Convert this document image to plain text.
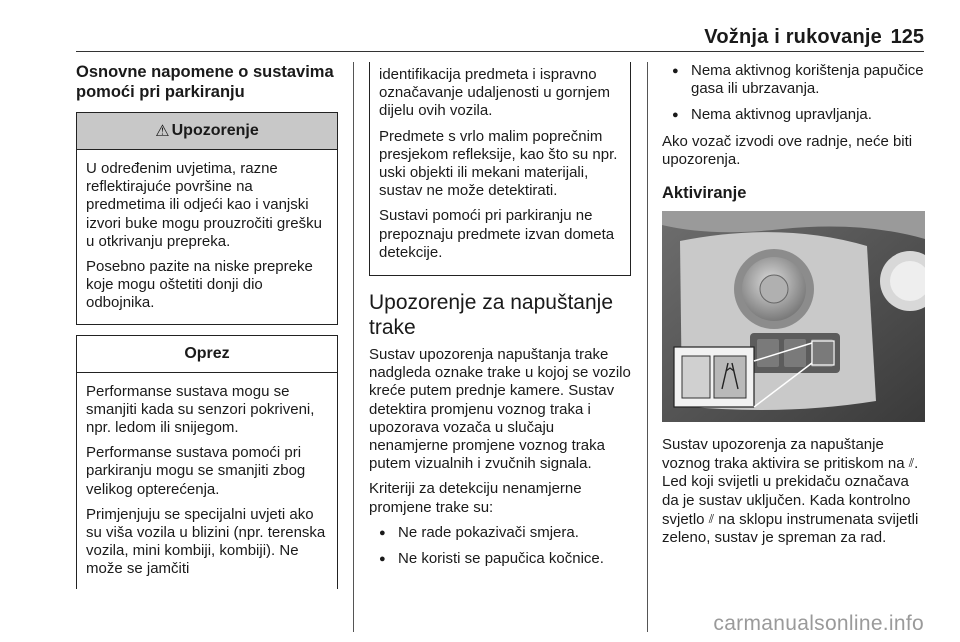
Vožnja i rukovanje 125
Osnovne napomene o sustavima pomoći pri parkiranju
⚠ Upozorenje

U određenim uvjetima, razne reflektirajuće površine na predmetima ili odjeći kao i vanjski izvori buke mogu prouzročiti grešku u otkrivanju prepreka.

Posebno pazite na niske prepreke koje mogu oštetiti donji dio odbojnika.

Oprez

Performanse sustava mogu se smanjiti kada su senzori pokriveni, npr. ledom ili snijegom.

Performanse sustava pomoći pri parkiranju mogu se smanjiti zbog velikog opterećenja.

Primjenjuju se specijalni uvjeti ako su viša vozila u blizini (npr. terenska vozila, mini kombiji, kombiji). Ne može se jamčiti

identifikacija predmeta i ispravno označavanje udaljenosti u gornjem dijelu ovih vozila.

Predmete s vrlo malim poprečnim presjekom refleksije, kao što su npr. uski objekti ili mekani materijali, sustav ne može detektirati.

Sustavi pomoći pri parkiranju ne prepoznaju predmete izvan dometa detekcije.

Upozorenje za napuštanje trake

Sustav upozorenja napuštanja trake nadgleda oznake trake u kojoj se vozilo kreće putem prednje kamere. Sustav detektira promjenu voznog traka i upozorava vozača u slučaju nenamjerne promjene voznog traka putem vizualnih i zvučnih signala.

Kriteriji za detekciju nenamjerne promjene trake su:

● Ne rade pokazivači smjera.
● Ne koristi se papučica kočnice.
● Nema aktivnog korištenja papučice gasa ili ubrzavanja.
● Nema aktivnog upravljanja.

Ako vozač izvodi ove radnje, neće biti upozorenja.

Aktiviranje

Sustav upozorenja za napuštanje voznog traka aktivira se pritiskom na ⫽. Led koji svijetli u prekidaču označava da je sustav uključen. Kada kontrolno svjetlo ⫽ na sklopu instrumenata svijetli zeleno, sustav je spreman za rad.

carmanualsonline.info
